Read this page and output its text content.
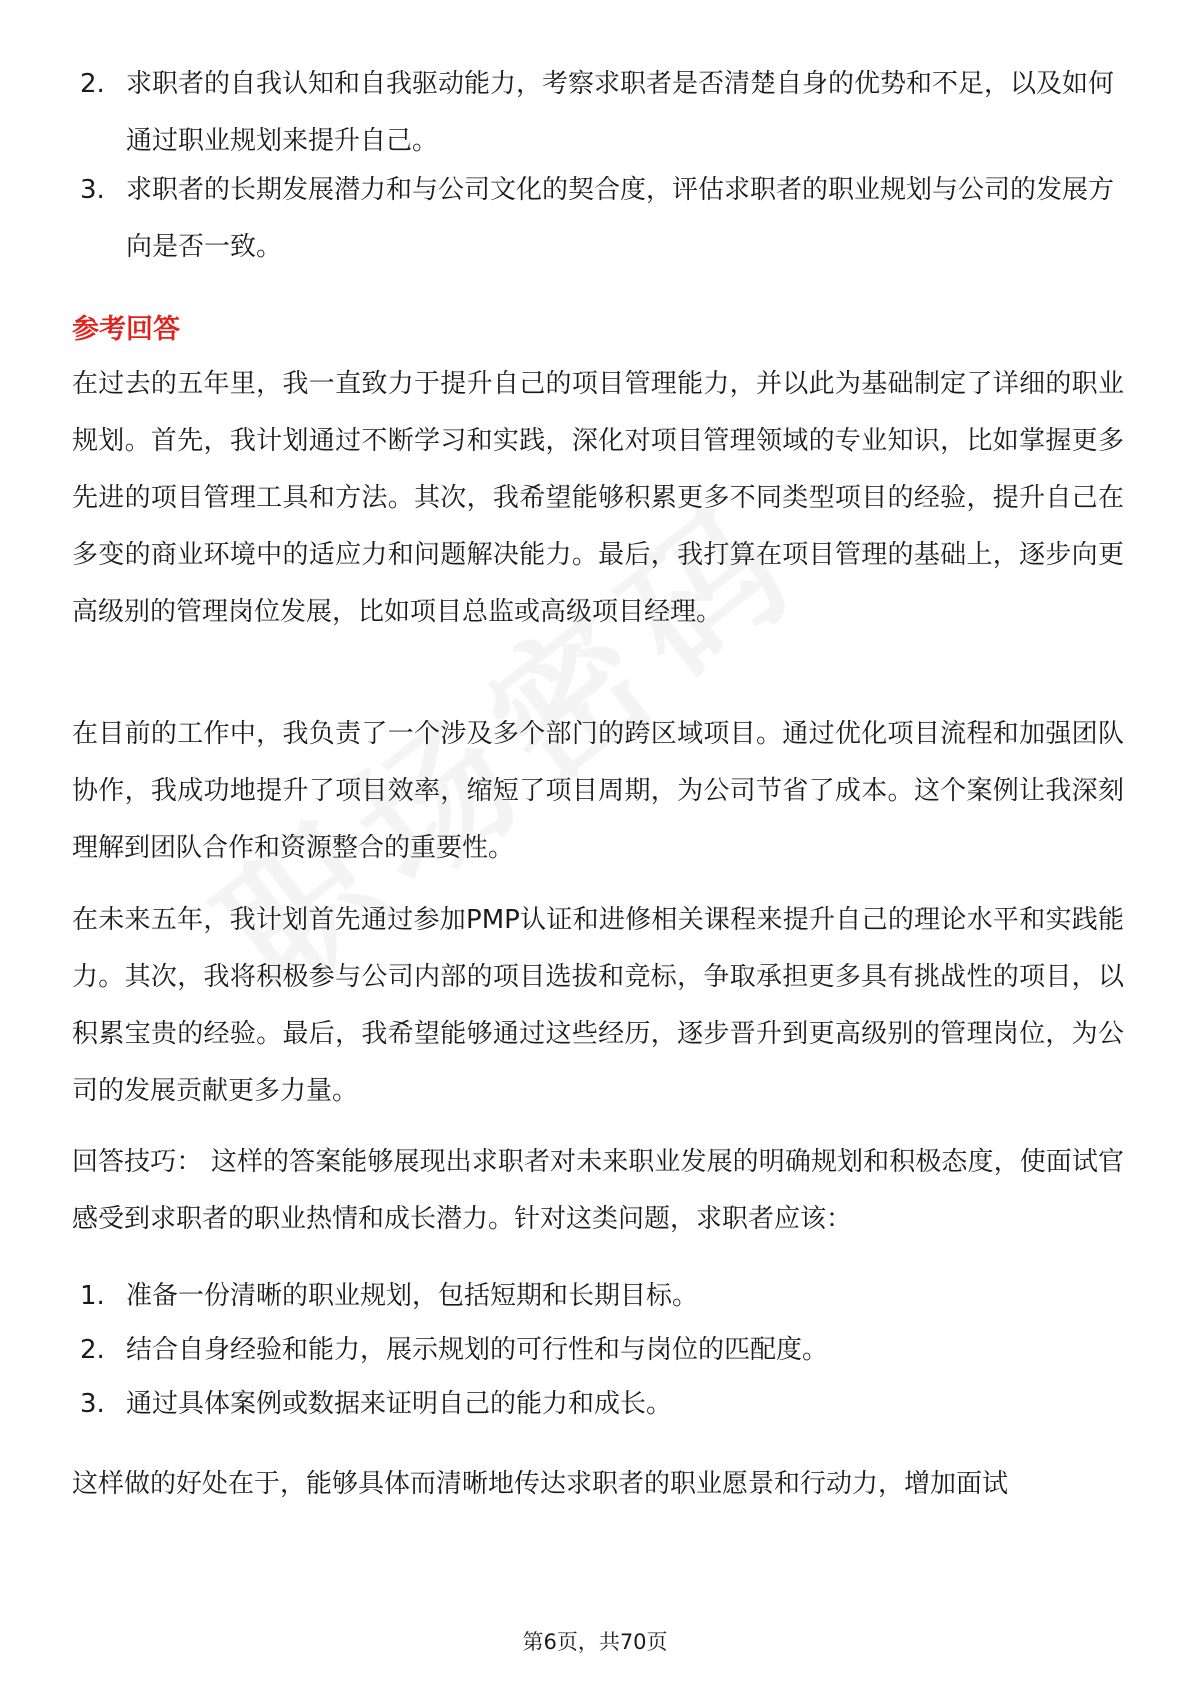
2. 求职者的自我认知和自我驱动能力，考察求职者是否清楚自身的优势和不足，以及如何通过职业规划来提升自己。
3. 求职者的长期发展潜力和与公司文化的契合度，评估求职者的职业规划与公司的发展方向是否一致。
参考回答
在过去的五年里，我一直致力于提升自己的项目管理能力，并以此为基础制定了详细的职业规划。首先，我计划通过不断学习和实践，深化对项目管理领域的专业知识，比如掌握更多先进的项目管理工具和方法。其次，我希望能够积累更多不同类型项目的经验，提升自己在多变的商业环境中的适应力和问题解决能力。最后，我打算在项目管理的基础上，逐步向更高级别的管理岗位发展，比如项目总监或高级项目经理。
在目前的工作中，我负责了一个涉及多个部门的跨区域项目。通过优化项目流程和加强团队协作，我成功地提升了项目效率，缩短了项目周期，为公司节省了成本。这个案例让我深刻理解到团队合作和资源整合的重要性。
在未来五年，我计划首先通过参加PMP认证和进修相关课程来提升自己的理论水平和实践能力。其次，我将积极参与公司内部的项目选拔和竞标，争取承担更多具有挑战性的项目，以积累宝贵的经验。最后，我希望能够通过这些经历，逐步晋升到更高级别的管理岗位，为公司的发展贡献更多力量。
回答技巧： 这样的答案能够展现出求职者对未来职业发展的明确规划和积极态度，使面试官感受到求职者的职业热情和成长潜力。针对这类问题，求职者应该：
1. 准备一份清晰的职业规划，包括短期和长期目标。
2. 结合自身经验和能力，展示规划的可行性和与岗位的匹配度。
3. 通过具体案例或数据来证明自己的能力和成长。
这样做的好处在于，能够具体而清晰地传达求职者的职业愿景和行动力，增加面试
第6页，共70页
